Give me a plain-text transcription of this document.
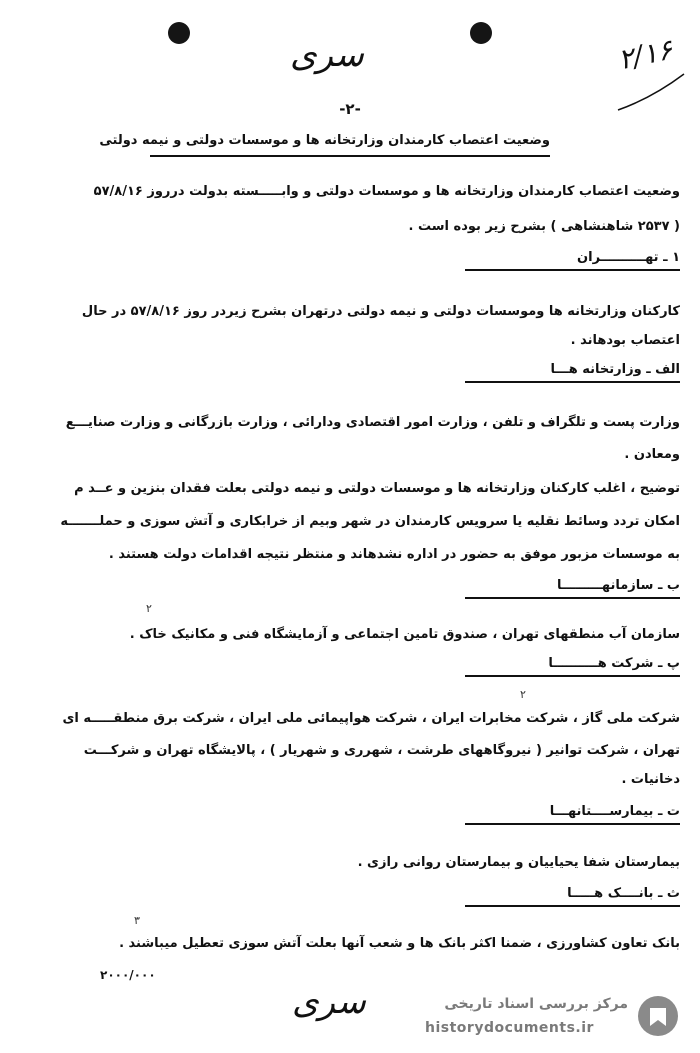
سری	۲/۱۶
-۲-
وضعیت اعتصاب کارمندان وزارتخانه ها و موسسات دولتی و نیمه دولتی
وضعیت اعتصاب کارمندان وزارتخانه ها و موسسات دولتی و وابـــــسته بدولت درروز ۵۷/۸/۱۶
( ۲۵۳۷ شاهنشاهی ) بشرح زیر بوده است .
۱ ـ تهــــــــــران
کارکنان وزارتخانه ها وموسسات دولتی و نیمه دولتی درتهران بشرح زیردر روز ۵۷/۸/۱۶ در حال
اعتصاب بودهاند .
الف ـ وزارتخانه هـــا
وزارت پست و تلگراف و تلفن ، وزارت امور اقتصادی ودارائی ، وزارت بازرگانی و وزارت صنایـــع
ومعادن .
توضیح ، اغلب کارکنان وزارتخانه ها و موسسات دولتی و نیمه دولتی بعلت فقدان بنزین و عــد م
امکان تردد وسائط نقلیه یا سرویس کارمندان در شهر وبیم از خرابکاری و آتش سوزی و حملـــــــه
به موسسات مزبور موفق به حضور در اداره نشدهاند و منتظر نتیجه اقدامات دولت هستند .
ب ـ سازمانهـــــــــا
۲
سازمان آب منطقهای تهران ، صندوق تامین اجتماعی و آزمایشگاه فنی و مکانیک خاک .
پ ـ شرکت هــــــــــا
۲
شرکت ملی گاز ، شرکت مخابرات ایران ، شرکت هواپیمائی ملی ایران ، شرکت برق منطقـــــه ای
تهران ، شرکت توانیر ( نیروگاههای طرشت ، شهرری و شهریار ) ، پالایشگاه تهران و شرکـــت
دخانیات .
ت ـ بیمارســــتانهـــا
بیمارستان شفا یحیاییان و بیمارستان روانی رازی .
ث ـ بانــــک هـــــا
۳
بانک تعاون کشاورزی ، ضمنا اکثر بانک ها و شعب آنها بعلت آتش سوزی تعطیل میباشند .
۲۰۰۰/۰۰۰
سری	مرکز بررسی اسناد تاریخی
historydocuments.ir
